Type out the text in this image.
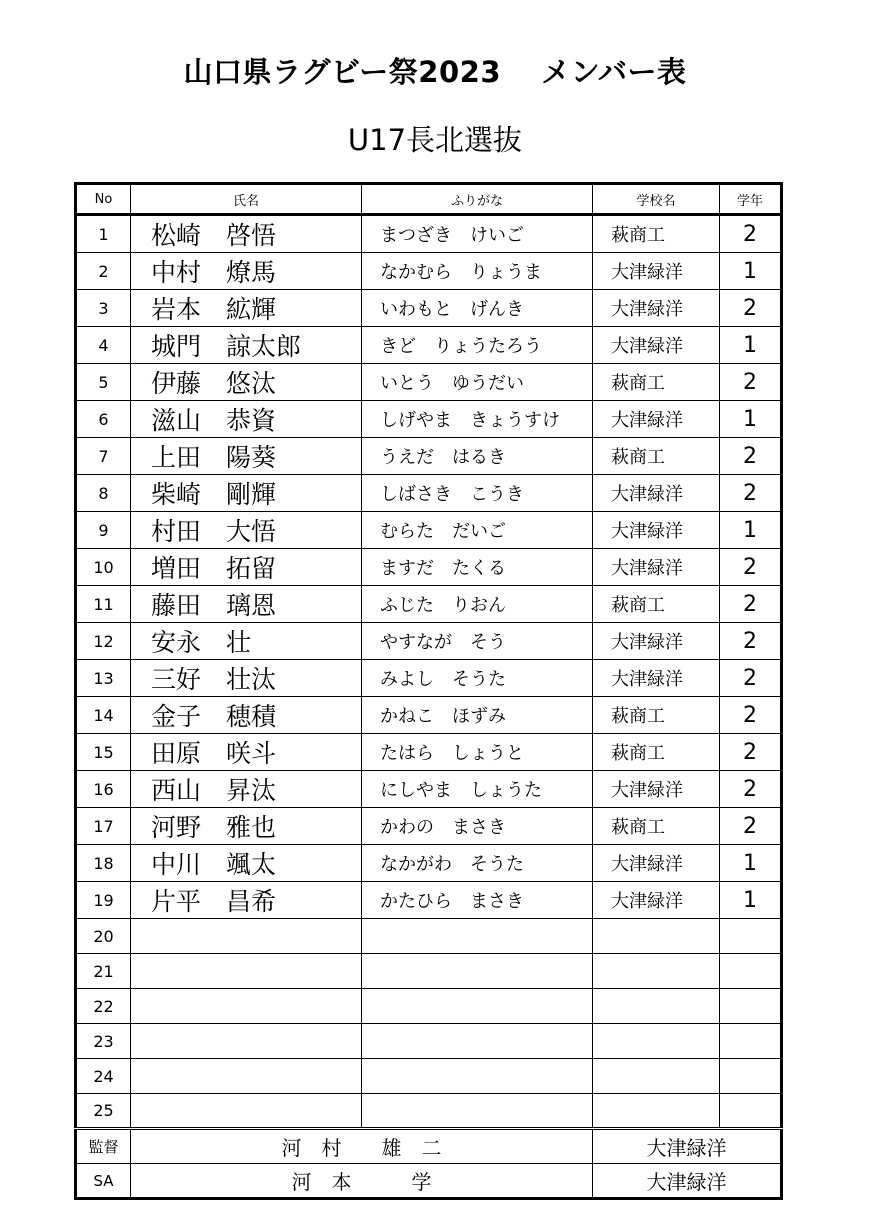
山口県ラグビー祭2023　 メンバー表
U17長北選抜
No	氏名	ふりがな	学校名	学年
1	松崎　啓悟	まつざき　けいご	萩商工	2
2	中村　燎馬	なかむら　りょうま	大津緑洋	1
3	岩本　絋輝	いわもと　げんき	大津緑洋	2
4	城門　諒太郎	きど　りょうたろう	大津緑洋	1
5	伊藤　悠汰	いとう　ゆうだい	萩商工	2
6	滋山　恭資	しげやま　きょうすけ	大津緑洋	1
7	上田　陽葵	うえだ　はるき	萩商工	2
8	柴崎　剛輝	しばさき　こうき	大津緑洋	2
9	村田　大悟	むらた　だいご	大津緑洋	1
10	増田　拓留	ますだ　たくる	大津緑洋	2
11	藤田　璃恩	ふじた　りおん	萩商工	2
12	安永　壮	やすなが　そう	大津緑洋	2
13	三好　壮汰	みよし　そうた	大津緑洋	2
14	金子　穂積	かねこ　ほずみ	萩商工	2
15	田原　咲斗	たはら　しょうと	萩商工	2
16	西山　昇汰	にしやま　しょうた	大津緑洋	2
17	河野　雅也	かわの　まさき	萩商工	2
18	中川　颯太	なかがわ　そうた	大津緑洋	1
19	片平　昌希	かたひら　まさき	大津緑洋	1
20				
21				
22				
23				
24				
25				
監督	河　村　　雄　二		大津緑洋	
SA	河　本　　　学		大津緑洋	
